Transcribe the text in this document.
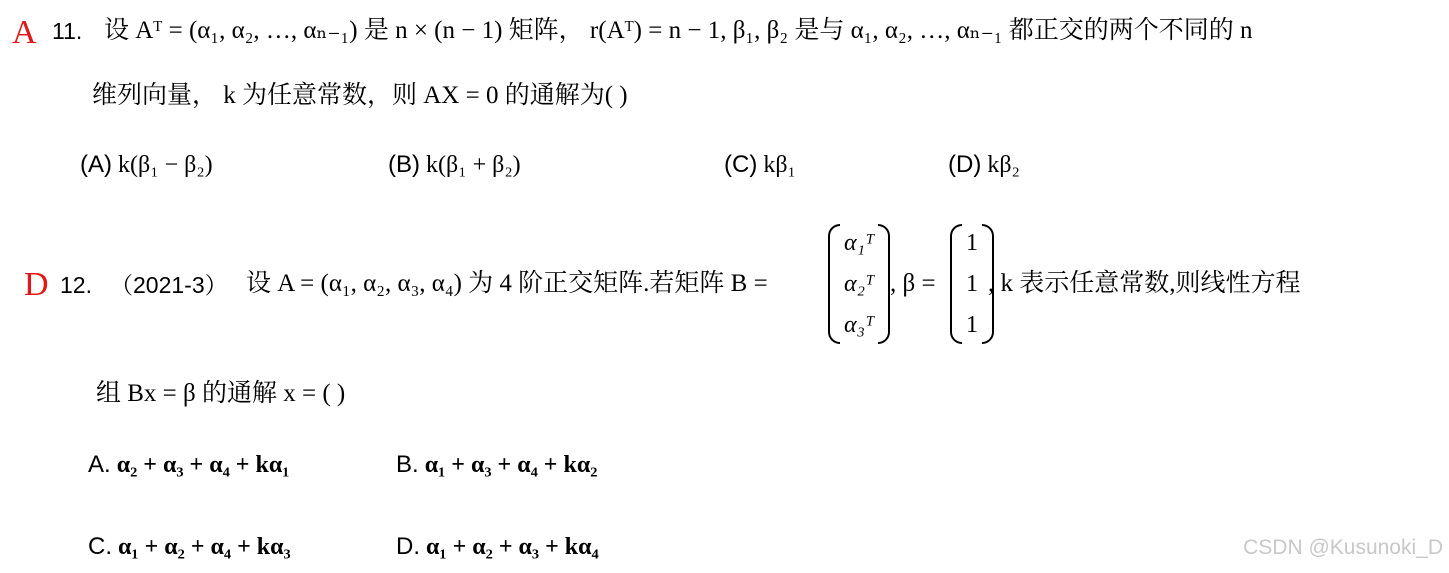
A 11. 设 Aᵀ = (α₁, α₂, …, αₙ₋₁) 是 n × (n − 1) 矩阵， r(Aᵀ) = n − 1, β₁, β₂ 是与 α₁, α₂, …, αₙ₋₁ 都正交的两个不同的 n
维列向量， k 为任意常数，则 AX = 0 的通解为( )
(A) k(β₁ − β₂)	(B) k(β₁ + β₂)	(C) kβ₁	(D) kβ₂
D 12. （2021-3） 设 A = (α₁, α₂, α₃, α₄) 为 4 阶正交矩阵.若矩阵 B =
α₁ᵀ
α₂ᵀ
α₃ᵀ
, β =
1
1
1
, k 表示任意常数,则线性方程
组 Bx = β 的通解 x = ( )
A. α₂ + α₃ + α₄ + kα₁	B. α₁ + α₃ + α₄ + kα₂
C. α₁ + α₂ + α₄ + kα₃	D. α₁ + α₂ + α₃ + kα₄	CSDN @Kusunoki_D
